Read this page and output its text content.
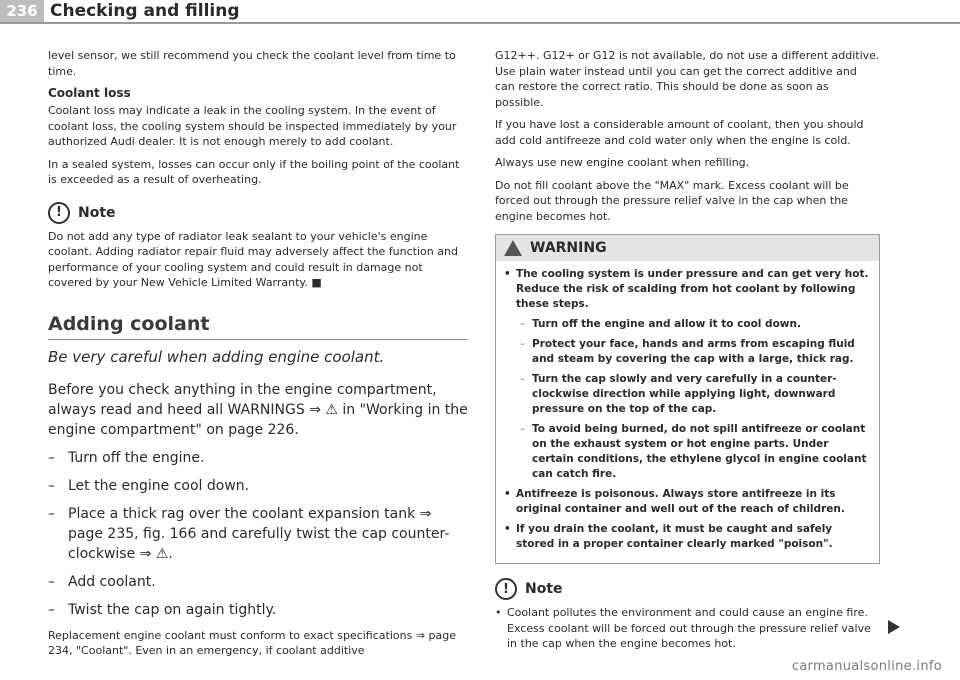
236 Checking and filling

level sensor, we still recommend you check the coolant level from time to time.

Coolant loss

Coolant loss may indicate a leak in the cooling system. In the event of coolant loss, the cooling system should be inspected immediately by your authorized Audi dealer. It is not enough merely to add coolant.

In a sealed system, losses can occur only if the boiling point of the coolant is exceeded as a result of overheating.

!	Note

Do not add any type of radiator leak sealant to your vehicle's engine coolant. Adding radiator repair fluid may adversely affect the function and performance of your cooling system and could result in damage not covered by your New Vehicle Limited Warranty. ■

Adding coolant
Be very careful when adding engine coolant.

Before you check anything in the engine compartment, always read and heed all WARNINGS ⇒ ⚠ in "Working in the engine compartment" on page 226.

– Turn off the engine.
– Let the engine cool down.
– Place a thick rag over the coolant expansion tank ⇒ page 235, fig. 166 and carefully twist the cap counter-clockwise ⇒ ⚠.
– Add coolant.
– Twist the cap on again tightly.

Replacement engine coolant must conform to exact specifications ⇒ page 234, "Coolant". Even in an emergency, if coolant additive

G12++. G12+ or G12 is not available, do not use a different additive. Use plain water instead until you can get the correct additive and can restore the correct ratio. This should be done as soon as possible.

If you have lost a considerable amount of coolant, then you should add cold antifreeze and cold water only when the engine is cold.

Always use new engine coolant when refilling.

Do not fill coolant above the "MAX" mark. Excess coolant will be forced out through the pressure relief valve in the cap when the engine becomes hot.

WARNING

• The cooling system is under pressure and can get very hot. Reduce the risk of scalding from hot coolant by following these steps.

– Turn off the engine and allow it to cool down.
– Protect your face, hands and arms from escaping fluid and steam by covering the cap with a large, thick rag.
– Turn the cap slowly and very carefully in a counter-clockwise direction while applying light, downward pressure on the top of the cap.
– To avoid being burned, do not spill antifreeze or coolant on the exhaust system or hot engine parts. Under certain conditions, the ethylene glycol in engine coolant can catch fire.

• Antifreeze is poisonous. Always store antifreeze in its original container and well out of the reach of children.

• If you drain the coolant, it must be caught and safely stored in a proper container clearly marked "poison".

!	Note

• Coolant pollutes the environment and could cause an engine fire. Excess coolant will be forced out through the pressure relief valve in the cap when the engine becomes hot.

carmanualsonline.info
